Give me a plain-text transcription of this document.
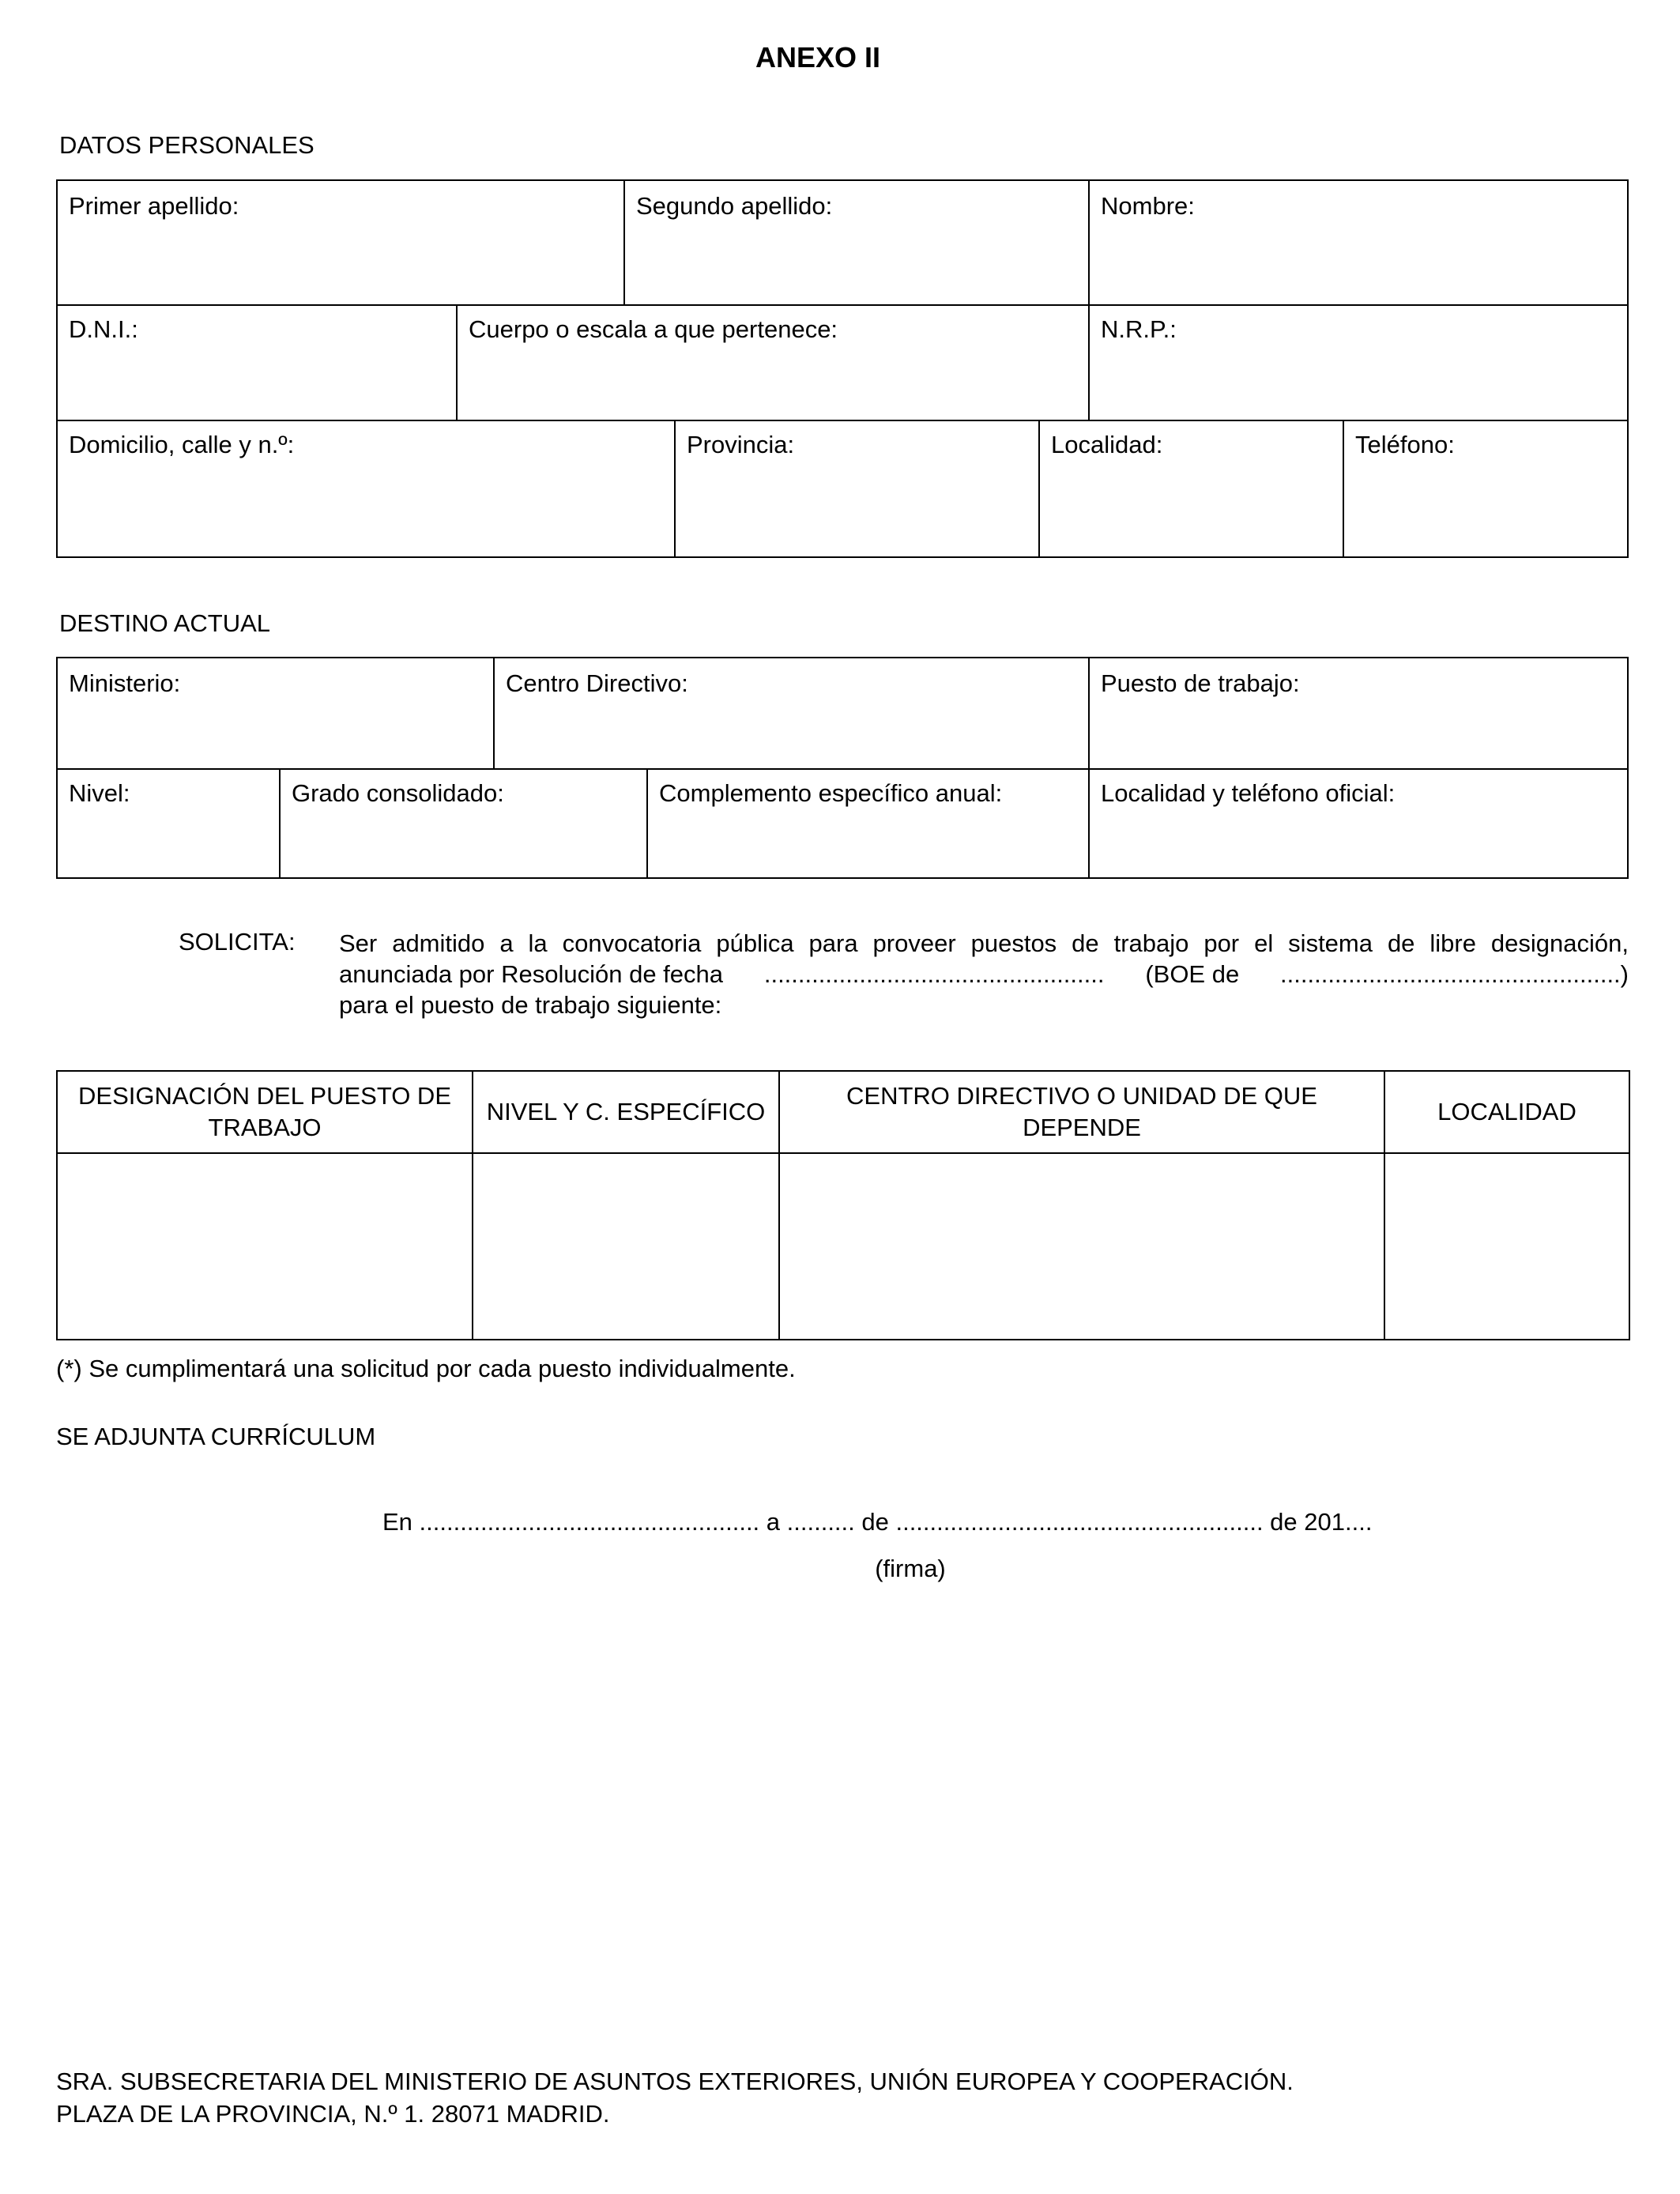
ANEXO II
DATOS PERSONALES
Primer apellido:	Segundo apellido:	Nombre:
D.N.I.:	Cuerpo o escala a que pertenece:	N.R.P.:
Domicilio, calle y n.º:	Provincia:	Localidad:	Teléfono:
DESTINO ACTUAL
Ministerio:	Centro Directivo:	Puesto de trabajo:
Nivel:	Grado consolidado:	Complemento específico anual:	Localidad y teléfono oficial:
SOLICITA: Ser admitido a la convocatoria pública para proveer puestos de trabajo por el sistema de libre designación,
anunciada por Resolución de fecha .................................................. (BOE de ..................................................)
para el puesto de trabajo siguiente:
DESIGNACIÓN DEL PUESTO DE TRABAJO	NIVEL Y C. ESPECÍFICO	CENTRO DIRECTIVO O UNIDAD DE QUE DEPENDE	LOCALIDAD

(*) Se cumplimentará una solicitud por cada puesto individualmente.
SE ADJUNTA CURRÍCULUM
En .................................................. a .......... de ...................................................... de 201....
(firma)
SRA. SUBSECRETARIA DEL MINISTERIO DE ASUNTOS EXTERIORES, UNIÓN EUROPEA Y COOPERACIÓN.
PLAZA DE LA PROVINCIA, N.º 1. 28071 MADRID.
